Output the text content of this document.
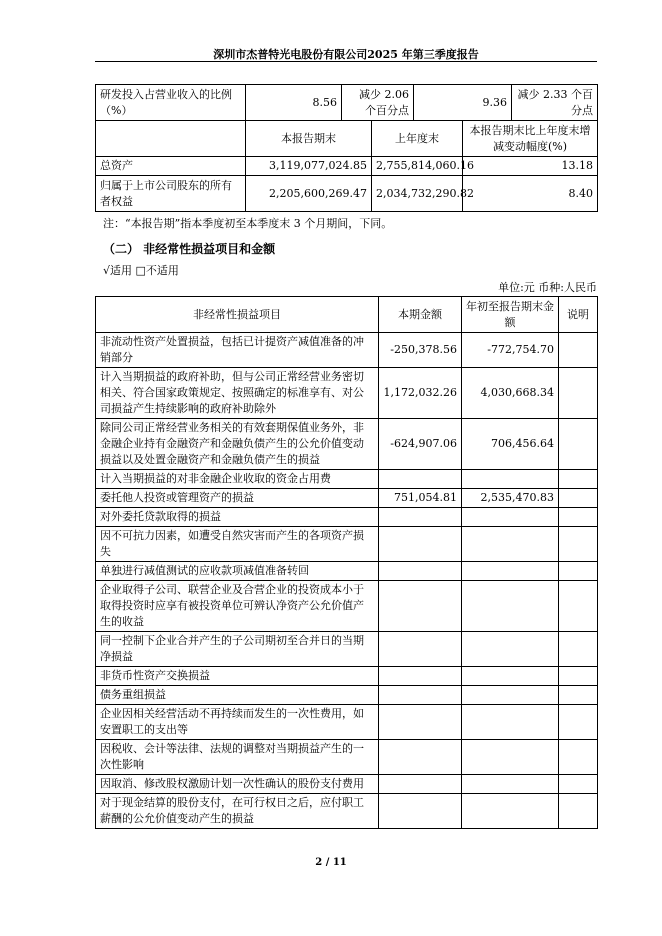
深圳市杰普特光电股份有限公司2025 年第三季度报告
研发投入占营业收入的比例（%）	8.56	减少 2.06 个百分点		9.36		减少 2.33 个百分点
	本报告期末		上年度末		本报告期末比上年度末增减变动幅度(%)	
总资产	3,119,077,024.85		2,755,814,060.16		13.18	
归属于上市公司股东的所有者权益	2,205,600,269.47		2,034,732,290.82		8.40	
注：“本报告期”指本季度初至本季度末 3 个月期间，下同。
（二） 非经常性损益项目和金额
√适用 □不适用
单位:元 币种:人民币
非经常性损益项目	本期金额	年初至报告期末金额	说明
非流动性资产处置损益，包括已计提资产减值准备的冲销部分	-250,378.56	-772,754.70	
计入当期损益的政府补助，但与公司正常经营业务密切相关、符合国家政策规定、按照确定的标准享有、对公司损益产生持续影响的政府补助除外	1,172,032.26	4,030,668.34	
除同公司正常经营业务相关的有效套期保值业务外，非金融企业持有金融资产和金融负债产生的公允价值变动损益以及处置金融资产和金融负债产生的损益	-624,907.06	706,456.64	
计入当期损益的对非金融企业收取的资金占用费			
委托他人投资或管理资产的损益	751,054.81	2,535,470.83	
对外委托贷款取得的损益			
因不可抗力因素，如遭受自然灾害而产生的各项资产损失			
单独进行减值测试的应收款项减值准备转回			
企业取得子公司、联营企业及合营企业的投资成本小于取得投资时应享有被投资单位可辨认净资产公允价值产生的收益			
同一控制下企业合并产生的子公司期初至合并日的当期净损益			
非货币性资产交换损益			
债务重组损益			
企业因相关经营活动不再持续而发生的一次性费用，如安置职工的支出等			
因税收、会计等法律、法规的调整对当期损益产生的一次性影响			
因取消、修改股权激励计划一次性确认的股份支付费用			
对于现金结算的股份支付，在可行权日之后，应付职工薪酬的公允价值变动产生的损益			
2 / 11
